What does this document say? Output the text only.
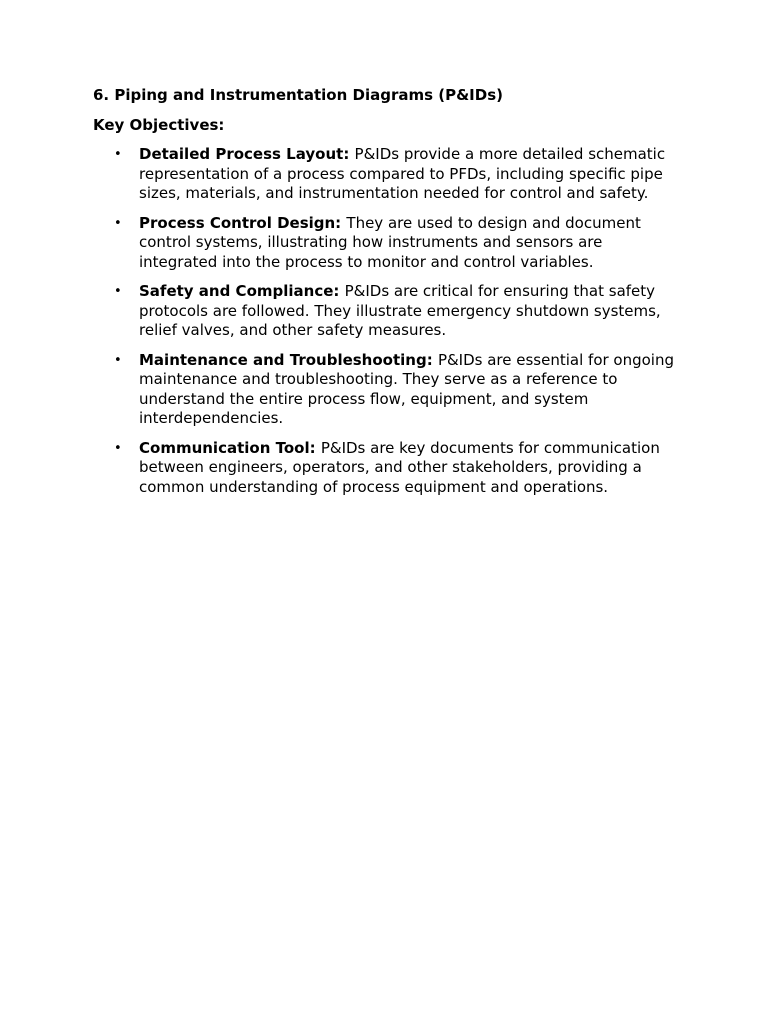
6. Piping and Instrumentation Diagrams (P&IDs)
Key Objectives:
• Detailed Process Layout: P&IDs provide a more detailed schematic representation of a process compared to PFDs, including specific pipe sizes, materials, and instrumentation needed for control and safety.
• Process Control Design: They are used to design and document control systems, illustrating how instruments and sensors are integrated into the process to monitor and control variables.
• Safety and Compliance: P&IDs are critical for ensuring that safety protocols are followed. They illustrate emergency shutdown systems, relief valves, and other safety measures.
• Maintenance and Troubleshooting: P&IDs are essential for ongoing maintenance and troubleshooting. They serve as a reference to understand the entire process flow, equipment, and system interdependencies.
• Communication Tool: P&IDs are key documents for communication between engineers, operators, and other stakeholders, providing a common understanding of process equipment and operations.
